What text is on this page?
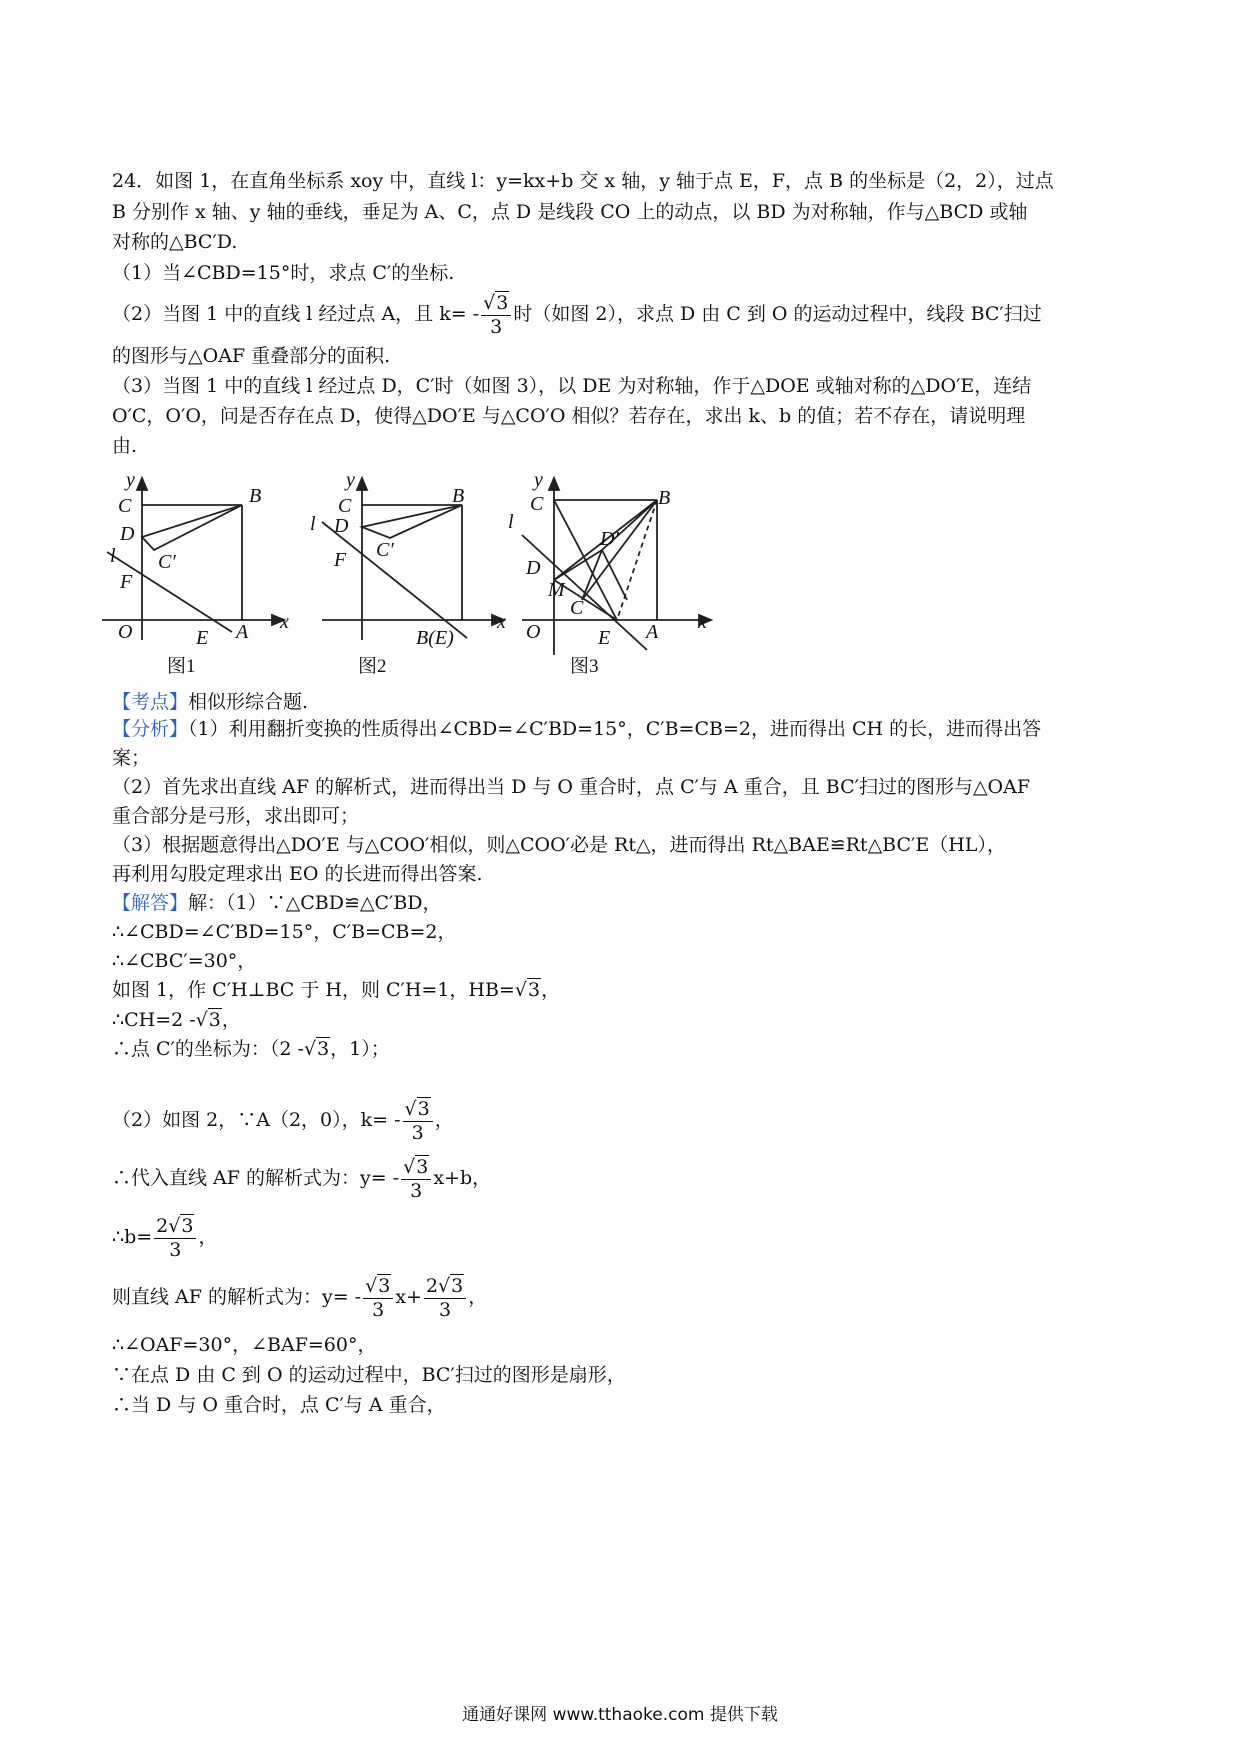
24．如图 1，在直角坐标系 xoy 中，直线 l：y=kx+b 交 x 轴，y 轴于点 E，F，点 B 的坐标是（2，2），过点
B 分别作 x 轴、y 轴的垂线，垂足为 A、C，点 D 是线段 CO 上的动点，以 BD 为对称轴，作与△BCD 或轴
对称的△BC′D.
（1）当∠CBD=15°时，求点 C′的坐标.
（2）当图 1 中的直线 l 经过点 A，且 $k= - \frac{√3}{3}$ 时（如图 2），求点 D 由 C 到 O 的运动过程中，线段 BC′扫过
的图形与△OAF 重叠部分的面积.
（3）当图 1 中的直线 l 经过点 D，C′时（如图 3），以 DE 为对称轴，作于△DOE 或轴对称的△DO′E，连结
O′C，O′O，问是否存在点 D，使得△DO′E 与△CO′O 相似？若存在，求出 k、b 的值；若不存在，请说明理
由.
y
C	B
D
C′
l
F
O	E A x
y
C	B
l D
C′
F
B(E)
x
y
C	B
l
D′
D
M
C
O	E A x
图1	图2	图3
【考点】相似形综合题.
【分析】（1）利用翻折变换的性质得出∠CBD=∠C′BD=15°，C′B=CB=2，进而得出 CH 的长，进而得出答
案；
（2）首先求出直线 AF 的解析式，进而得出当 D 与 O 重合时，点 C′与 A 重合，且 BC′扫过的图形与△OAF
重合部分是弓形，求出即可；
（3）根据题意得出△DO′E 与△COO′相似，则△COO′必是 Rt△，进而得出 Rt△BAE≌Rt△BC′E（HL），
再利用勾股定理求出 EO 的长进而得出答案.
【解答】解：（1）∵△CBD≌△C′BD，
∴∠CBD=∠C′BD=15°，C′B=CB=2，
∴∠CBC′=30°，
如图 1，作 C′H⊥BC 于 H，则 C′H=1，HB=√3，
∴CH=2 -√3，
∴点 C′的坐标为：（2 -√3，1）；
（2）如图 2，∵A（2，0），$k= - \frac{√3}{3}$ ，
∴代入直线 AF 的解析式为：$y= - \frac{√3}{3} x+b$，
∴b= $\frac{2√3}{3}$ ，
则直线 AF 的解析式为：$y= - \frac{√3}{3} x+ \frac{2√3}{3}$ ，
∴∠OAF=30°，∠BAF=60°，
∵在点 D 由 C 到 O 的运动过程中，BC′扫过的图形是扇形，
∴当 D 与 O 重合时，点 C′与 A 重合，
通通好课网 www.tthaoke.com 提供下载
